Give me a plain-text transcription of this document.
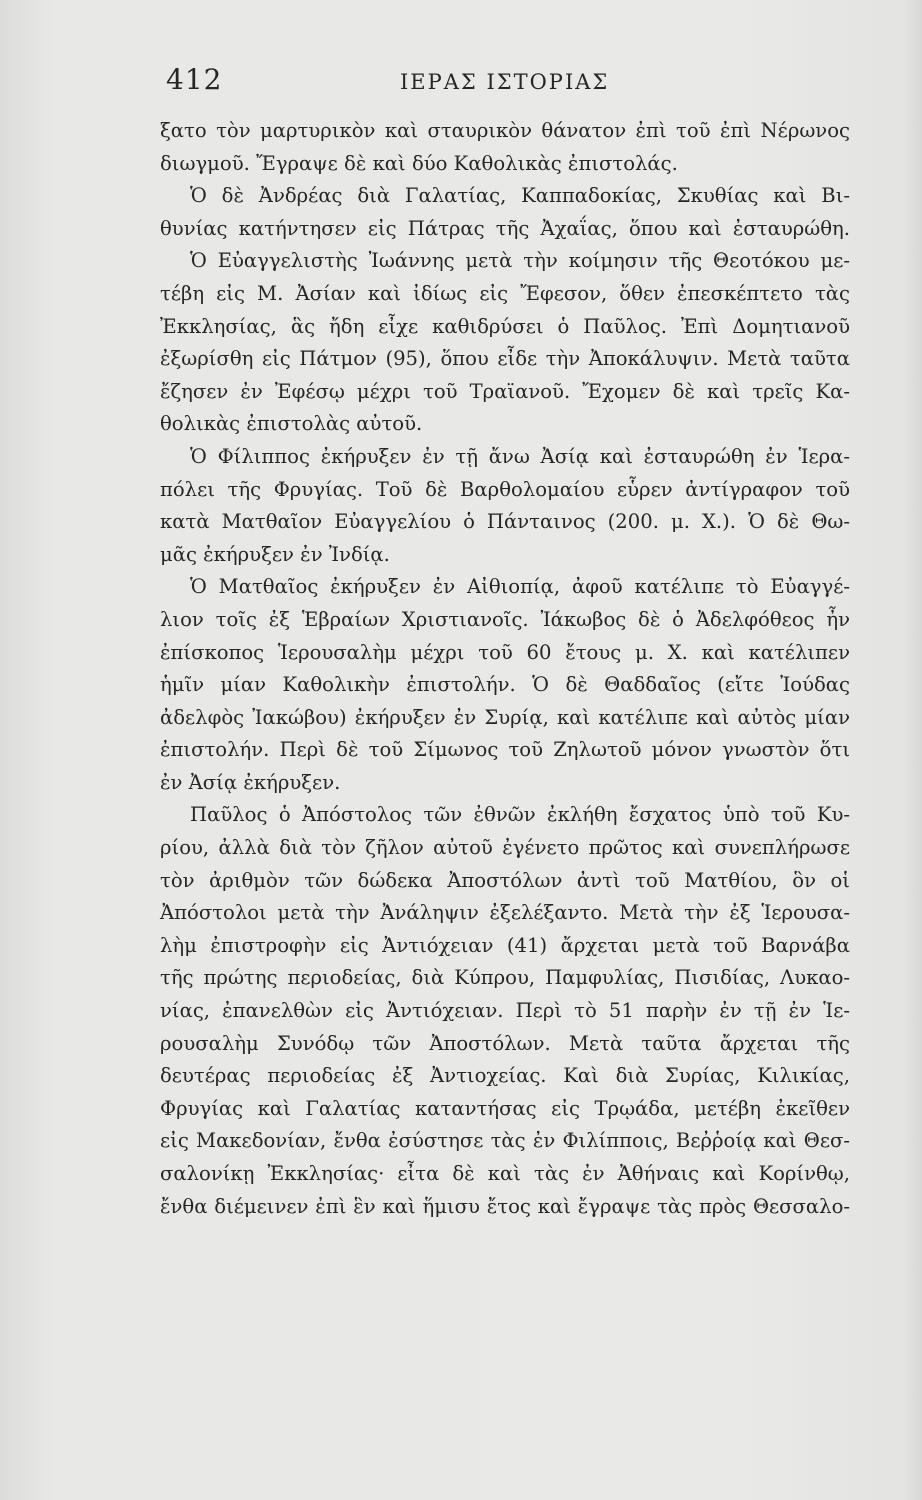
412	ΙΕΡΑΣ ΙΣΤΟΡΙΑΣ
ξατο τὸν μαρτυρικὸν καὶ σταυρικὸν θάνατον ἐπὶ τοῦ ἐπὶ Νέρωνος
διωγμοῦ. Ἔγραψε δὲ καὶ δύο Καθολικὰς ἐπιστολάς.
Ὁ δὲ Ἀνδρέας διὰ Γαλατίας, Καππαδοκίας, Σκυθίας καὶ Βι-
θυνίας κατήντησεν εἰς Πάτρας τῆς Ἀχαΐας, ὅπου καὶ ἐσταυρώθη.
Ὁ Εὐαγγελιστὴς Ἰωάννης μετὰ τὴν κοίμησιν τῆς Θεοτόκου με-
τέβη εἰς Μ. Ἀσίαν καὶ ἰδίως εἰς Ἔφεσον, ὅθεν ἐπεσκέπτετο τὰς
Ἐκκλησίας, ἃς ἤδη εἶχε καθιδρύσει ὁ Παῦλος. Ἐπὶ Δομητιανοῦ
ἐξωρίσθη εἰς Πάτμον (95), ὅπου εἶδε τὴν Ἀποκάλυψιν. Μετὰ ταῦτα
ἔζησεν ἐν Ἐφέσῳ μέχρι τοῦ Τραϊανοῦ. Ἔχομεν δὲ καὶ τρεῖς Κα-
θολικὰς ἐπιστολὰς αὐτοῦ.
Ὁ Φίλιππος ἐκήρυξεν ἐν τῇ ἄνω Ἀσίᾳ καὶ ἐσταυρώθη ἐν Ἱερα-
πόλει τῆς Φρυγίας. Τοῦ δὲ Βαρθολομαίου εὗρεν ἀντίγραφον τοῦ
κατὰ Ματθαῖον Εὐαγγελίου ὁ Πάνταινος (200. μ. Χ.). Ὁ δὲ Θω-
μᾶς ἐκήρυξεν ἐν Ἰνδίᾳ.
Ὁ Ματθαῖος ἐκήρυξεν ἐν Αἰθιοπίᾳ, ἀφοῦ κατέλιπε τὸ Εὐαγγέ-
λιον τοῖς ἐξ Ἑβραίων Χριστιανοῖς. Ἰάκωβος δὲ ὁ Ἀδελφόθεος ἦν
ἐπίσκοπος Ἱερουσαλὴμ μέχρι τοῦ 60 ἔτους μ. Χ. καὶ κατέλιπεν
ἡμῖν μίαν Καθολικὴν ἐπιστολήν. Ὁ δὲ Θαδδαῖος (εἴτε Ἰούδας
ἀδελφὸς Ἰακώβου) ἐκήρυξεν ἐν Συρίᾳ, καὶ κατέλιπε καὶ αὐτὸς μίαν
ἐπιστολήν. Περὶ δὲ τοῦ Σίμωνος τοῦ Ζηλωτοῦ μόνον γνωστὸν ὅτι
ἐν Ἀσίᾳ ἐκήρυξεν.
Παῦλος ὁ Ἀπόστολος τῶν ἐθνῶν ἐκλήθη ἔσχατος ὑπὸ τοῦ Κυ-
ρίου, ἀλλὰ διὰ τὸν ζῆλον αὐτοῦ ἐγένετο πρῶτος καὶ συνεπλήρωσε
τὸν ἀριθμὸν τῶν δώδεκα Ἀποστόλων ἀντὶ τοῦ Ματθίου, ὃν οἱ
Ἀπόστολοι μετὰ τὴν Ἀνάληψιν ἐξελέξαντο. Μετὰ τὴν ἐξ Ἱερουσα-
λὴμ ἐπιστροφὴν εἰς Ἀντιόχειαν (41) ἄρχεται μετὰ τοῦ Βαρνάβα
τῆς πρώτης περιοδείας, διὰ Κύπρου, Παμφυλίας, Πισιδίας, Λυκαο-
νίας, ἐπανελθὼν εἰς Ἀντιόχειαν. Περὶ τὸ 51 παρὴν ἐν τῇ ἐν Ἱε-
ρουσαλὴμ Συνόδῳ τῶν Ἀποστόλων. Μετὰ ταῦτα ἄρχεται τῆς
δευτέρας περιοδείας ἐξ Ἀντιοχείας. Καὶ διὰ Συρίας, Κιλικίας,
Φρυγίας καὶ Γαλατίας καταντήσας εἰς Τρῳάδα, μετέβη ἐκεῖθεν
εἰς Μακεδονίαν, ἔνθα ἐσύστησε τὰς ἐν Φιλίπποις, Βεῤῥοίᾳ καὶ Θεσ-
σαλονίκῃ Ἐκκλησίας· εἶτα δὲ καὶ τὰς ἐν Ἀθήναις καὶ Κορίνθῳ,
ἔνθα διέμεινεν ἐπὶ ἓν καὶ ἥμισυ ἔτος καὶ ἔγραψε τὰς πρὸς Θεσσαλο-
